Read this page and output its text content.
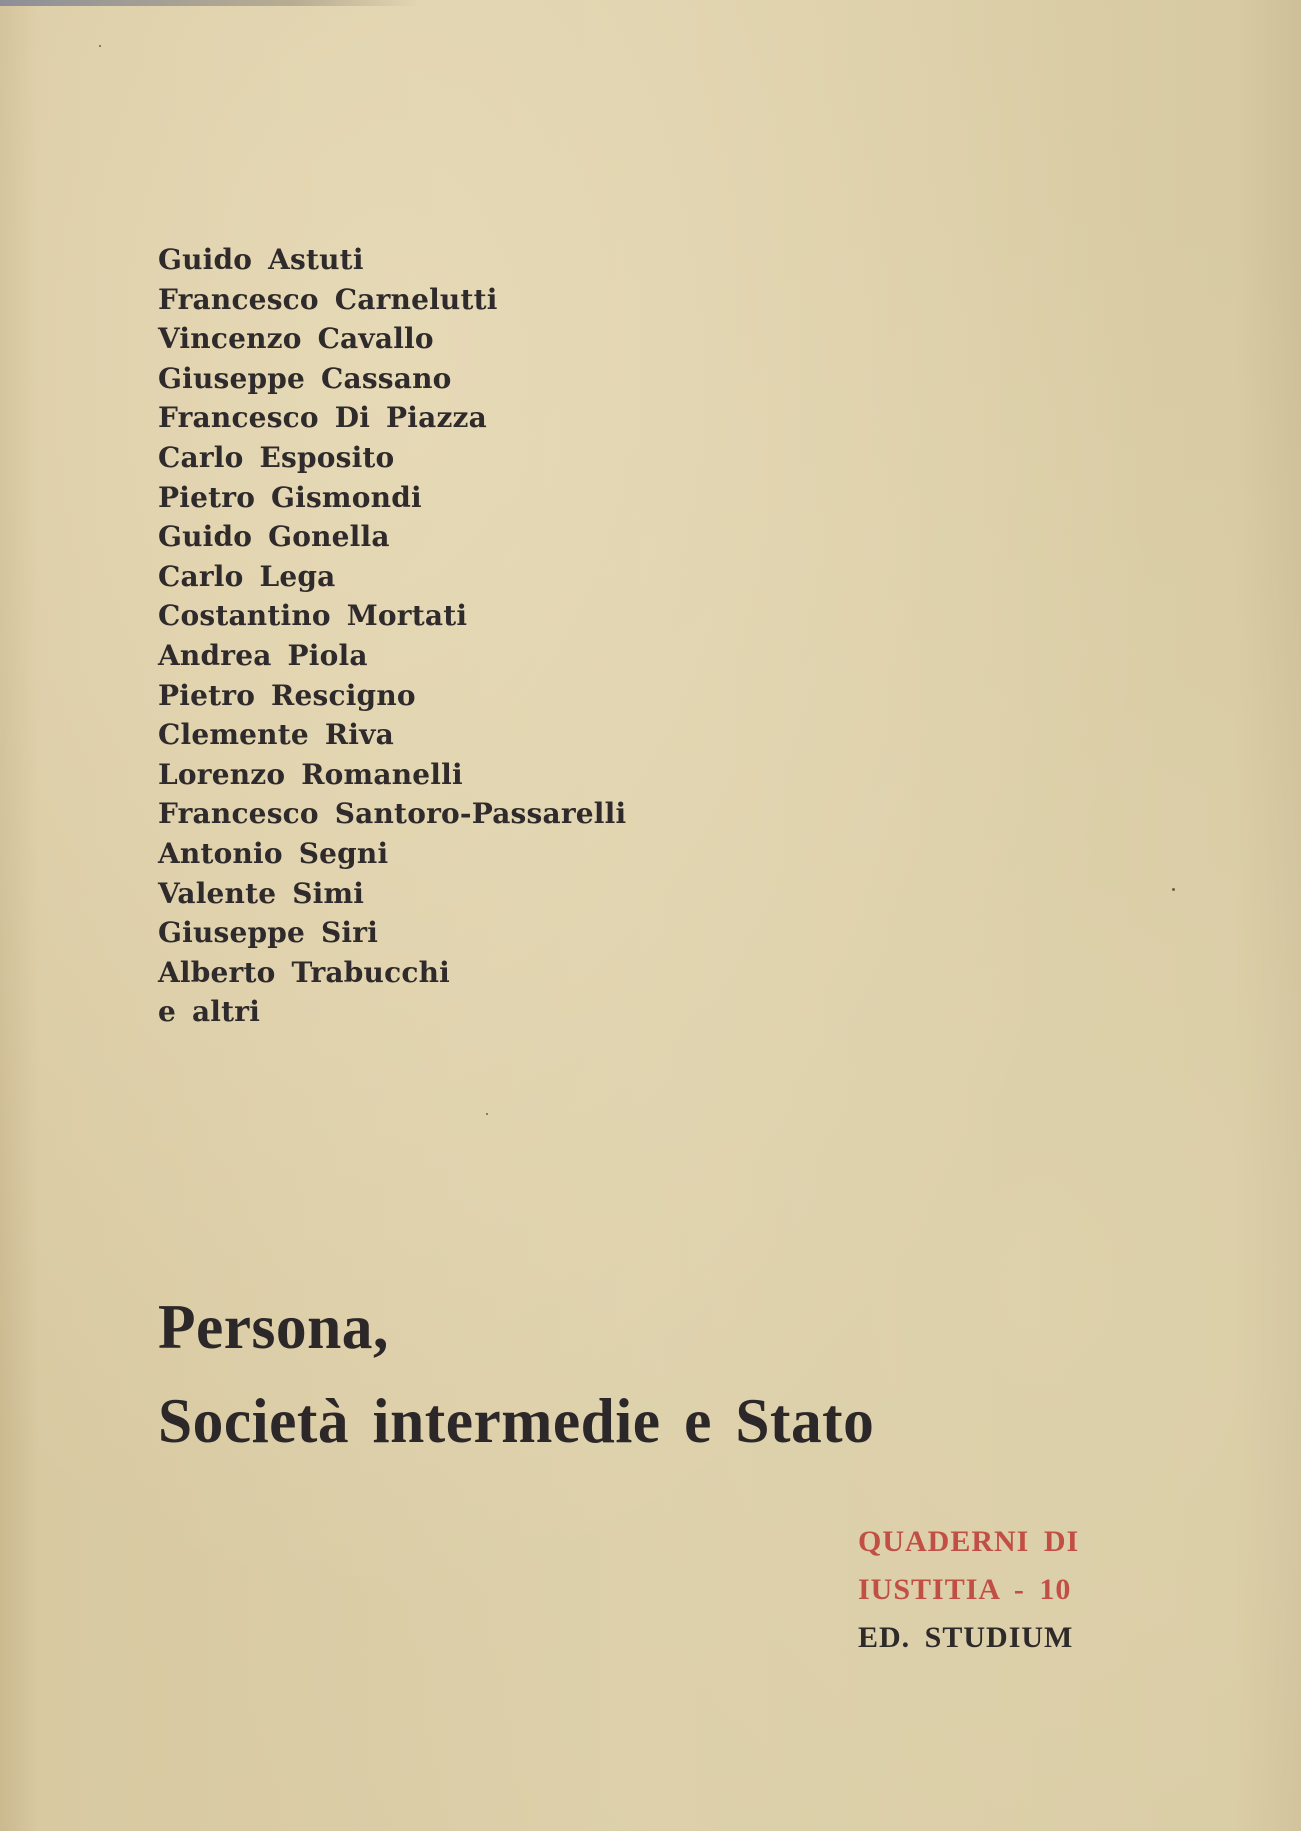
Guido Astuti
Francesco Carnelutti
Vincenzo Cavallo
Giuseppe Cassano
Francesco Di Piazza
Carlo Esposito
Pietro Gismondi
Guido Gonella
Carlo Lega
Costantino Mortati
Andrea Piola
Pietro Rescigno
Clemente Riva
Lorenzo Romanelli
Francesco Santoro-Passarelli
Antonio Segni
Valente Simi
Giuseppe Siri
Alberto Trabucchi
e altri
Persona,
Società intermedie e Stato
QUADERNI DI
IUSTITIA - 10
ED. STUDIUM
